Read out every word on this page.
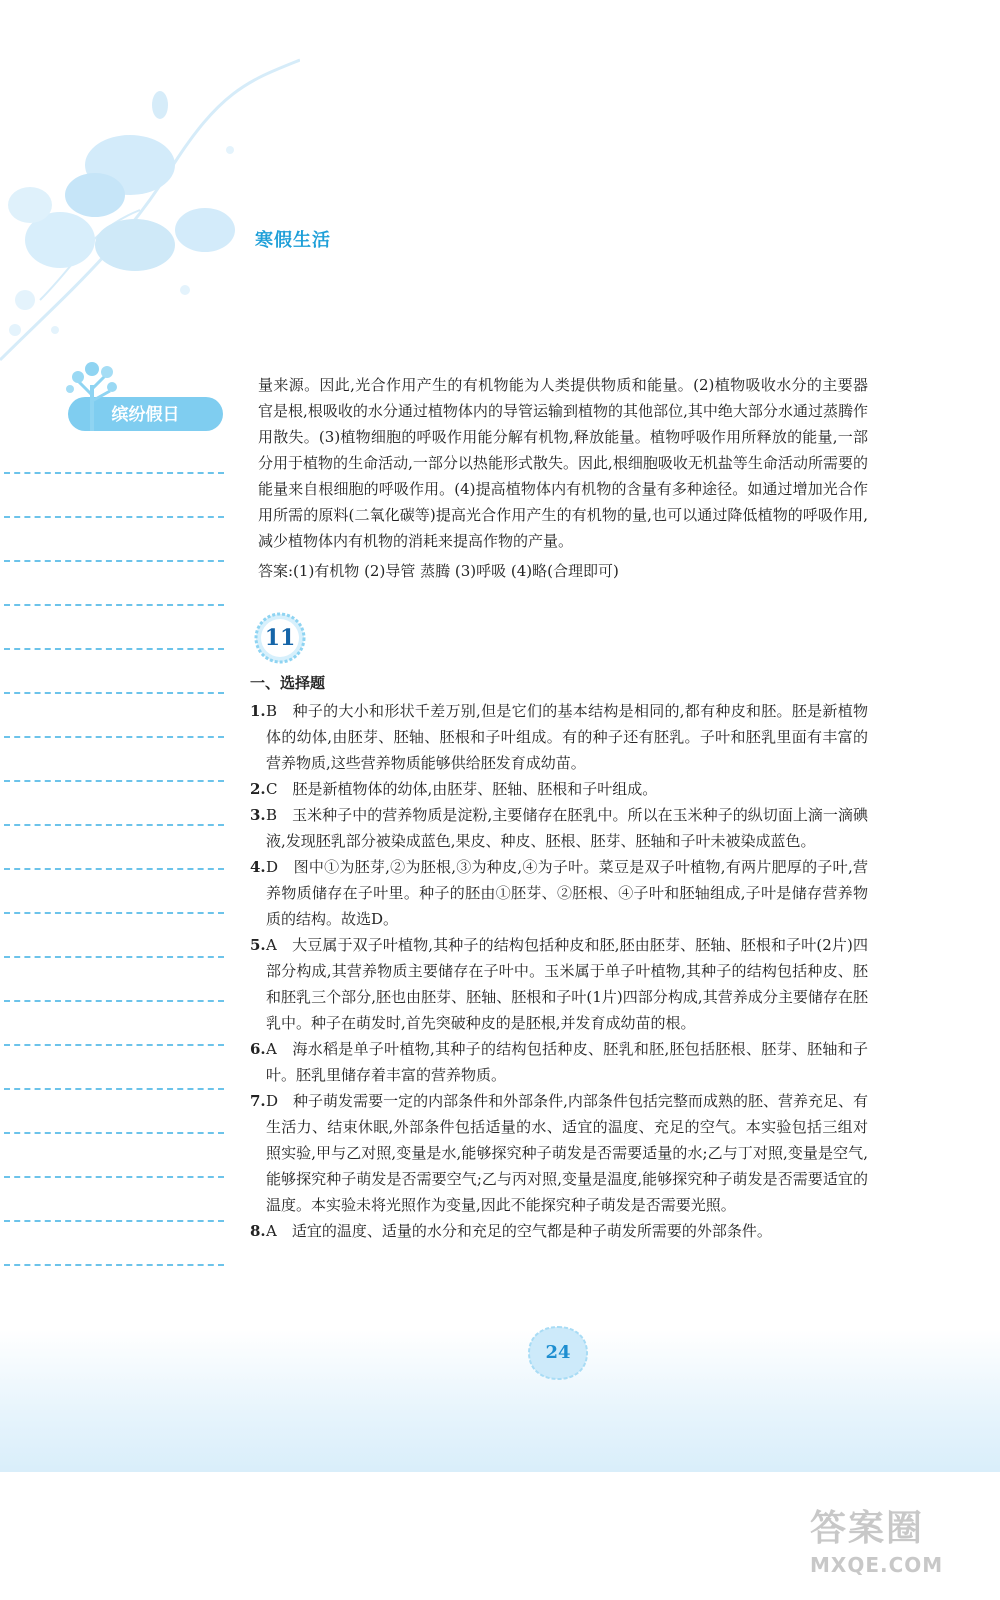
寒假生活
缤纷假日

量来源。因此,光合作用产生的有机物能为人类提供物质和能量。(2)植物吸收水分的主要器官是根,根吸收的水分通过植物体内的导管运输到植物的其他部位,其中绝大部分水通过蒸腾作用散失。(3)植物细胞的呼吸作用能分解有机物,释放能量。植物呼吸作用所释放的能量,一部分用于植物的生命活动,一部分以热能形式散失。因此,根细胞吸收无机盐等生命活动所需要的能量来自根细胞的呼吸作用。(4)提高植物体内有机物的含量有多种途径。如通过增加光合作用所需的原料(二氧化碳等)提高光合作用产生的有机物的量,也可以通过降低植物的呼吸作用,减少植物体内有机物的消耗来提高作物的产量。

答案:(1)有机物 (2)导管 蒸腾 (3)呼吸 (4)略(合理即可)

11
一、选择题
1. B　 种子的大小和形状千差万别,但是它们的基本结构是相同的,都有种皮和胚。胚是新植物体的幼体,由胚芽、胚轴、胚根和子叶组成。有的种子还有胚乳。子叶和胚乳里面有丰富的营养物质,这些营养物质能够供给胚发育成幼苗。
2. C　 胚是新植物体的幼体,由胚芽、胚轴、胚根和子叶组成。
3. B　 玉米种子中的营养物质是淀粉,主要储存在胚乳中。所以在玉米种子的纵切面上滴一滴碘液,发现胚乳部分被染成蓝色,果皮、种皮、胚根、胚芽、胚轴和子叶未被染成蓝色。
4. D　 图中①为胚芽,②为胚根,③为种皮,④为子叶。菜豆是双子叶植物,有两片肥厚的子叶,营养物质储存在子叶里。种子的胚由①胚芽、②胚根、④子叶和胚轴组成,子叶是储存营养物质的结构。故选D。
5. A　 大豆属于双子叶植物,其种子的结构包括种皮和胚,胚由胚芽、胚轴、胚根和子叶(2片)四部分构成,其营养物质主要储存在子叶中。玉米属于单子叶植物,其种子的结构包括种皮、胚和胚乳三个部分,胚也由胚芽、胚轴、胚根和子叶(1片)四部分构成,其营养成分主要储存在胚乳中。种子在萌发时,首先突破种皮的是胚根,并发育成幼苗的根。
6. A　 海水稻是单子叶植物,其种子的结构包括种皮、胚乳和胚,胚包括胚根、胚芽、胚轴和子叶。胚乳里储存着丰富的营养物质。
7. D　 种子萌发需要一定的内部条件和外部条件,内部条件包括完整而成熟的胚、营养充足、有生活力、结束休眠,外部条件包括适量的水、适宜的温度、充足的空气。本实验包括三组对照实验,甲与乙对照,变量是水,能够探究种子萌发是否需要适量的水;乙与丁对照,变量是空气,能够探究种子萌发是否需要空气;乙与丙对照,变量是温度,能够探究种子萌发是否需要适宜的温度。本实验未将光照作为变量,因此不能探究种子萌发是否需要光照。
8. A　 适宜的温度、适量的水分和充足的空气都是种子萌发所需要的外部条件。
24
答案圈
MXQE.COM
